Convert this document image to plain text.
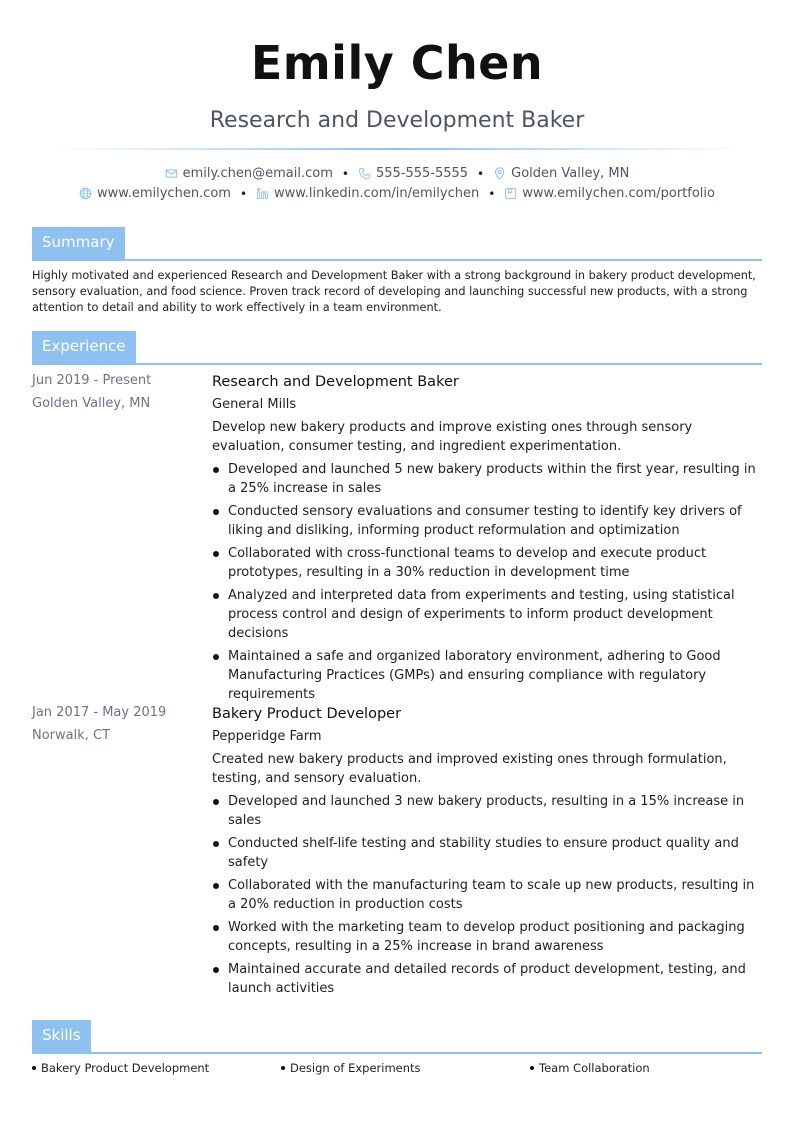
Emily Chen
Research and Development Baker
emily.chen@email.com • 555-555-5555 • Golden Valley, MN
www.emilychen.com • www.linkedin.com/in/emilychen • www.emilychen.com/portfolio
Summary
Highly motivated and experienced Research and Development Baker with a strong background in bakery product development, sensory evaluation, and food science. Proven track record of developing and launching successful new products, with a strong attention to detail and ability to work effectively in a team environment.
Experience
Jun 2019 - Present
Golden Valley, MN
Research and Development Baker
General Mills
Develop new bakery products and improve existing ones through sensory evaluation, consumer testing, and ingredient experimentation.
Developed and launched 5 new bakery products within the first year, resulting in a 25% increase in sales
Conducted sensory evaluations and consumer testing to identify key drivers of liking and disliking, informing product reformulation and optimization
Collaborated with cross-functional teams to develop and execute product prototypes, resulting in a 30% reduction in development time
Analyzed and interpreted data from experiments and testing, using statistical process control and design of experiments to inform product development decisions
Maintained a safe and organized laboratory environment, adhering to Good Manufacturing Practices (GMPs) and ensuring compliance with regulatory requirements
Jan 2017 - May 2019
Norwalk, CT
Bakery Product Developer
Pepperidge Farm
Created new bakery products and improved existing ones through formulation, testing, and sensory evaluation.
Developed and launched 3 new bakery products, resulting in a 15% increase in sales
Conducted shelf-life testing and stability studies to ensure product quality and safety
Collaborated with the manufacturing team to scale up new products, resulting in a 20% reduction in production costs
Worked with the marketing team to develop product positioning and packaging concepts, resulting in a 25% increase in brand awareness
Maintained accurate and detailed records of product development, testing, and launch activities
Skills
Bakery Product Development	Design of Experiments	Team Collaboration
